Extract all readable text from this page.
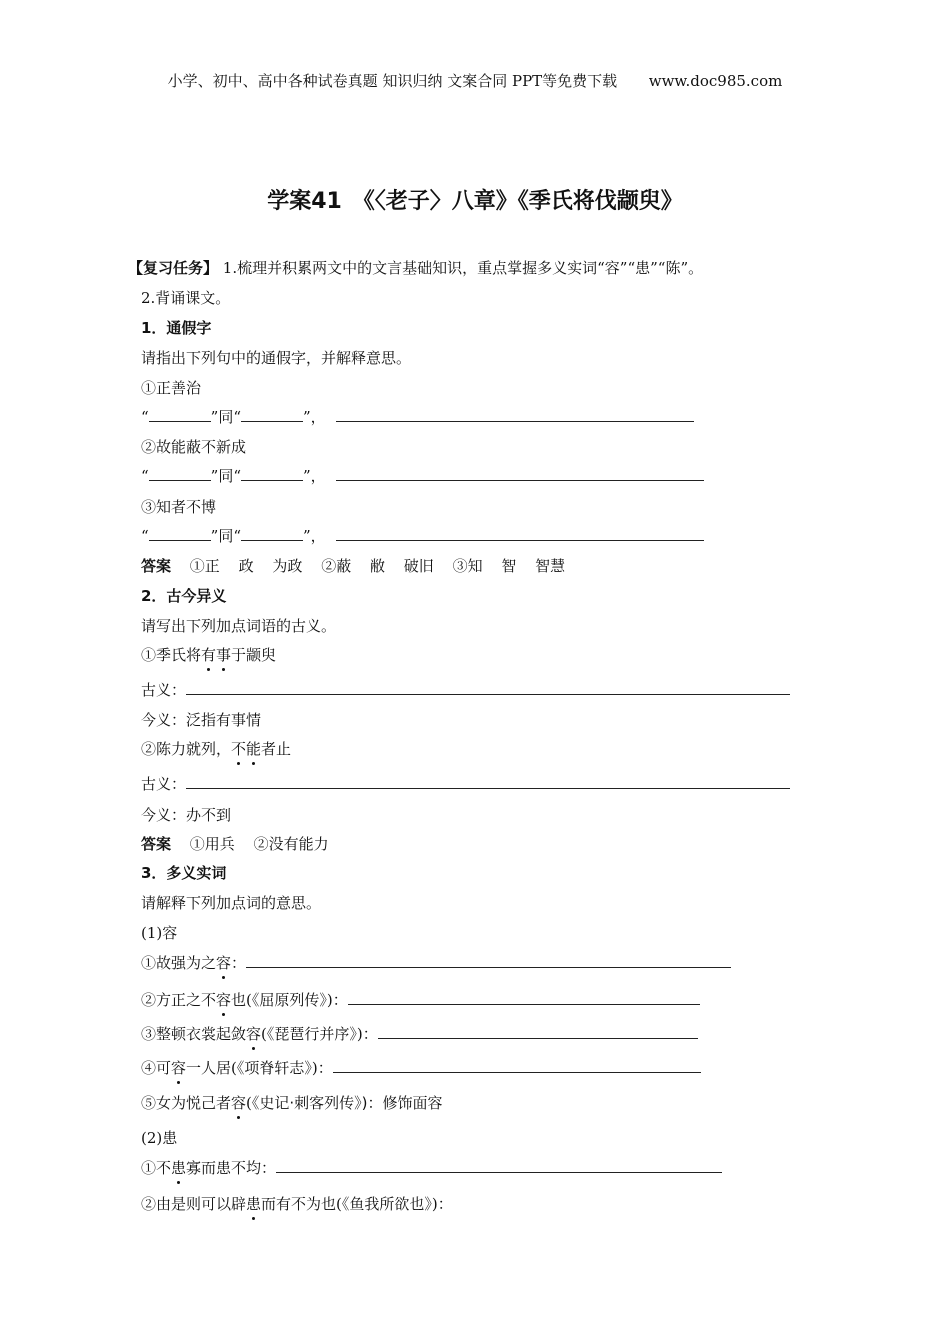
小学、初中、高中各种试卷真题 知识归纳 文案合同 PPT等免费下载 www.doc985.com
学案41　《〈老子〉八章》《季氏将伐颛臾》
【复习任务】 1.梳理并积累两文中的文言基础知识，重点掌握多义实词“容”“患”“陈”。
2.背诵课文。
1．通假字
请指出下列句中的通假字，并解释意思。
①正善治
“	”同“	”，
②故能蔽不新成
“	”同“	”，
③知者不博
“	”同“	”，
答案 ①正 政 为政 ②蔽 敝 破旧 ③知 智 智慧
2．古今异义
请写出下列加点词语的古义。
①季氏将有事于颛臾
古义：
今义：泛指有事情
②陈力就列，不能者止
古义：
今义：办不到
答案 ①用兵 ②没有能力
3．多义实词
请解释下列加点词的意思。
(1)容
①故强为之容：
②方正之不容也(《屈原列传》)：
③整顿衣裳起敛容(《琵琶行并序》)：
④可容一人居(《项脊轩志》)：
⑤女为悦己者容(《史记·刺客列传》)：修饰面容
(2)患
①不患寡而患不均：
②由是则可以辟患而有不为也(《鱼我所欲也》)：
